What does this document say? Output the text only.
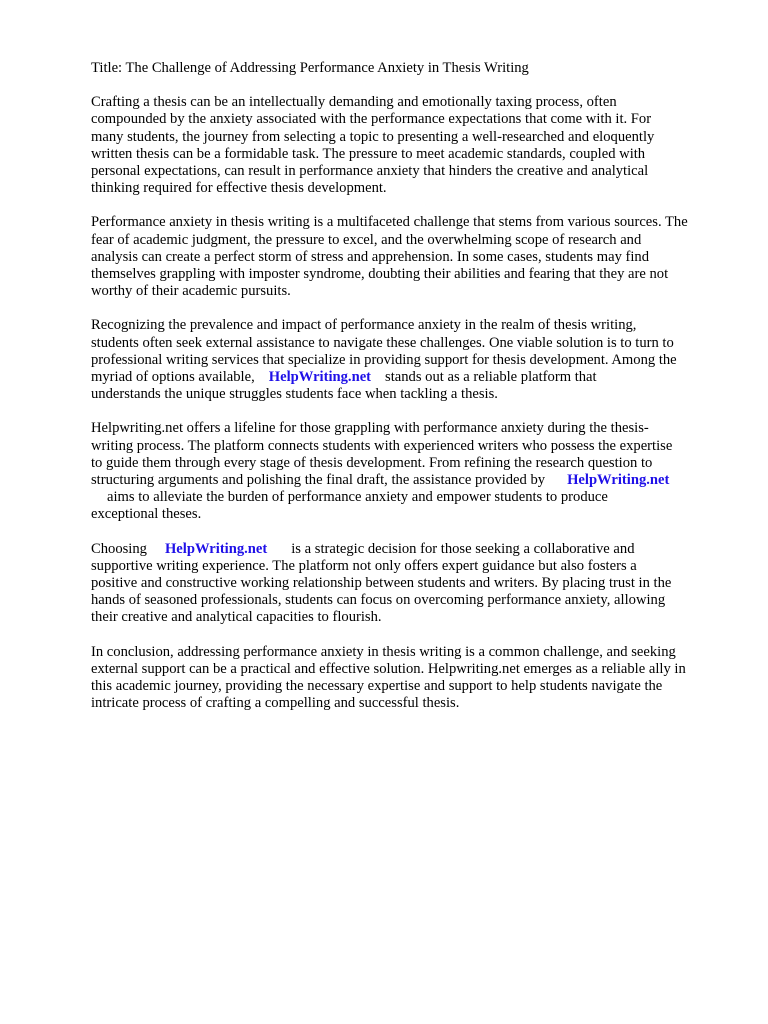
Title: The Challenge of Addressing Performance Anxiety in Thesis Writing

Crafting a thesis can be an intellectually demanding and emotionally taxing process, often
compounded by the anxiety associated with the performance expectations that come with it. For
many students, the journey from selecting a topic to presenting a well-researched and eloquently
written thesis can be a formidable task. The pressure to meet academic standards, coupled with
personal expectations, can result in performance anxiety that hinders the creative and analytical
thinking required for effective thesis development.

Performance anxiety in thesis writing is a multifaceted challenge that stems from various sources. The
fear of academic judgment, the pressure to excel, and the overwhelming scope of research and
analysis can create a perfect storm of stress and apprehension. In some cases, students may find
themselves grappling with imposter syndrome, doubting their abilities and fearing that they are not
worthy of their academic pursuits.

Recognizing the prevalence and impact of performance anxiety in the realm of thesis writing,
students often seek external assistance to navigate these challenges. One viable solution is to turn to
professional writing services that specialize in providing support for thesis development. Among the
myriad of options available, HelpWriting.net stands out as a reliable platform that
understands the unique struggles students face when tackling a thesis.

Helpwriting.net offers a lifeline for those grappling with performance anxiety during the thesis-
writing process. The platform connects students with experienced writers who possess the expertise
to guide them through every stage of thesis development. From refining the research question to
structuring arguments and polishing the final draft, the assistance provided by HelpWriting.net
aims to alleviate the burden of performance anxiety and empower students to produce
exceptional theses.

Choosing HelpWriting.net is a strategic decision for those seeking a collaborative and
supportive writing experience. The platform not only offers expert guidance but also fosters a
positive and constructive working relationship between students and writers. By placing trust in the
hands of seasoned professionals, students can focus on overcoming performance anxiety, allowing
their creative and analytical capacities to flourish.

In conclusion, addressing performance anxiety in thesis writing is a common challenge, and seeking
external support can be a practical and effective solution. Helpwriting.net emerges as a reliable ally in
this academic journey, providing the necessary expertise and support to help students navigate the
intricate process of crafting a compelling and successful thesis.
